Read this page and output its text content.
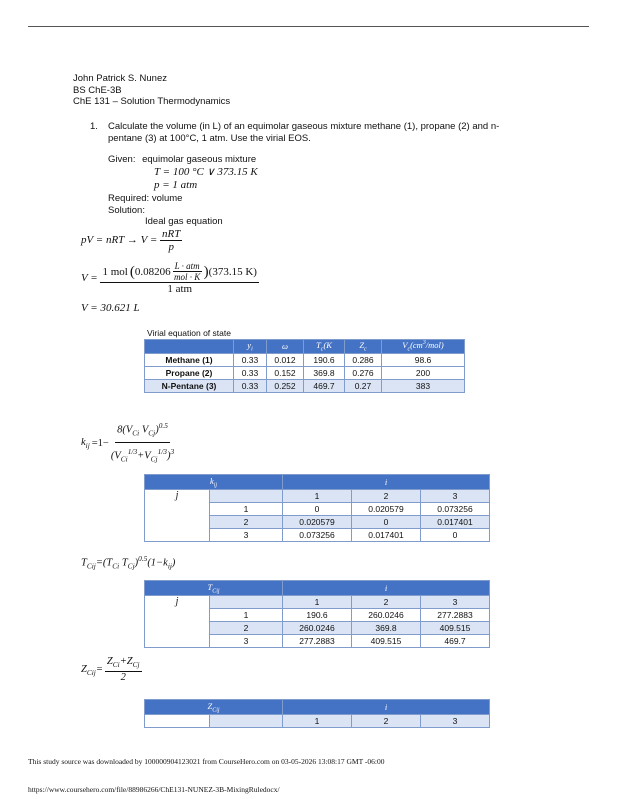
John Patrick S. Nunez
BS ChE-3B
ChE 131 – Solution Thermodynamics
1. Calculate the volume (in L) of an equimolar gaseous mixture methane (1), propane (2) and n-
pentane (3) at 100°C, 1 atm. Use the virial EOS.
Given: equimolar gaseous mixture
T = 100 °C ∨ 373.15 K
p = 1 atm
Required: volume
Solution:
Ideal gas equation
pV = nRT → $V = \frac{\text{nRT}}{p}$
V =
1 mol ( $0.08206 \frac{\text{L · atm}}{\text{mol · K}}$ ) (373.15 K)
1 atm
V = 30.621 L
Virial equation of state
	$y_i$	ω	$T_c(K$	$Z_c$	$V_c(cm^3/mol)$
Methane (1)	0.33	0.012	190.6	0.286	98.6
Propane (2)	0.33	0.152	369.8	0.276	200
N-Pentane (3)	0.33	0.252	469.7	0.27	383
$k_{ij} =1- \frac{8(V_{Ci} V_{Cj})^{0.5}}{(V_{Ci}^{1/3}+V_{Cj}^{1/3})^3}$
$k_{ij}$		i		
j		1	2	3
	1	0	0.020579	0.073256
	2	0.020579	0	0.017401
	3	0.073256	0.017401	0
$T_{Cij}=(T_{Ci}$ $T_{Cj})^{0.5}(1-k_{ij})$
$T_{Cij}$		i		
j		1	2	3
	1	190.6	260.0246	277.2883
	2	260.0246	369.8	409.515
	3	277.2883	409.515	469.7
$Z_{Cij}= \frac{Z_{Ci}+Z_{Cj}}{2}$
$Z_{Cij}$		i		
		1	2	3
This study source was downloaded by 100000904123021 from CourseHero.com on 03-05-2026 13:08:17 GMT -06:00
https://www.coursehero.com/file/88986266/ChE131-NUNEZ-3B-MixingRuledocx/
